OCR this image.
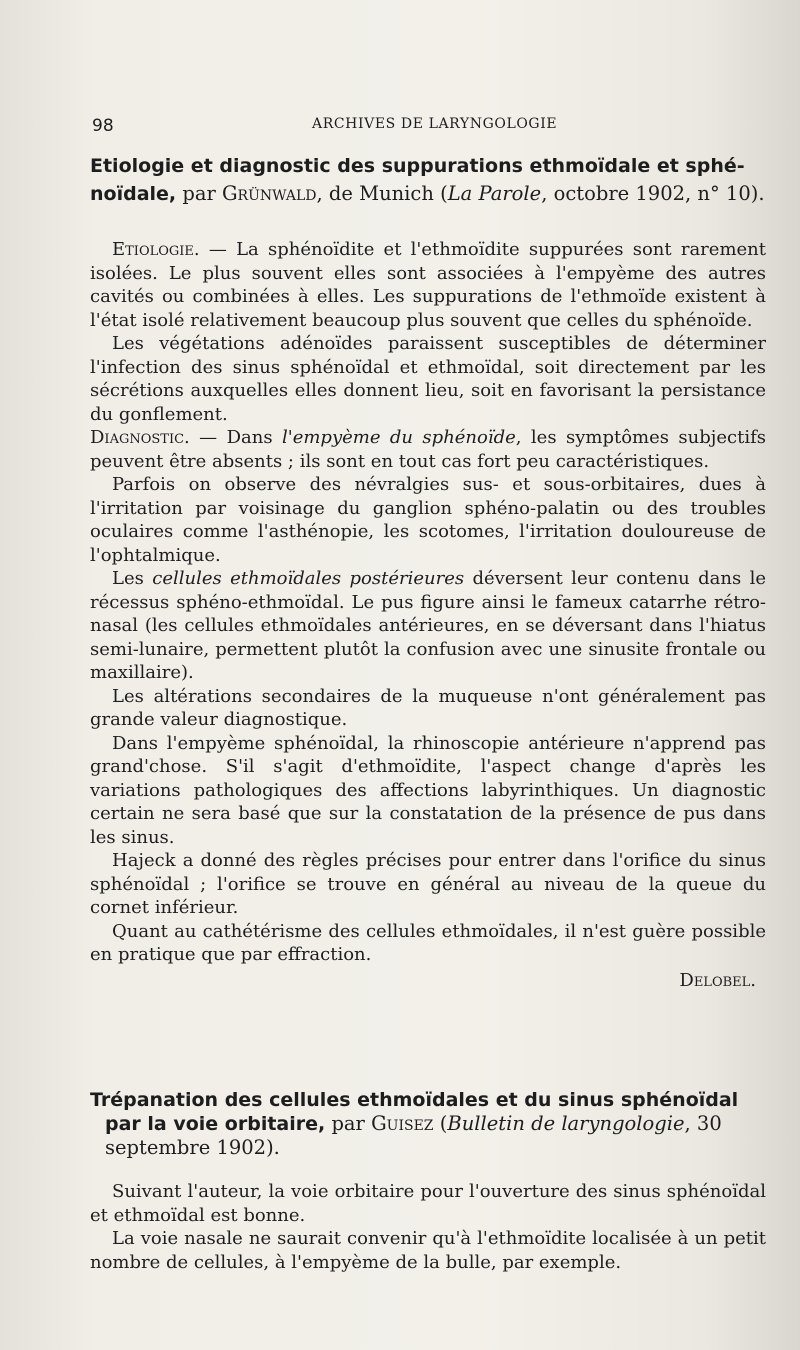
98	ARCHIVES DE LARYNGOLOGIE
Etiologie et diagnostic des suppurations ethmoïdale et sphé- noïdale, par Grünwald, de Munich (La Parole, octobre 1902, n° 10).

Etiologie. — La sphénoïdite et l'ethmoïdite suppurées sont rarement isolées. Le plus souvent elles sont associées à l'empyème des autres cavités ou combinées à elles. Les suppurations de l'ethmoïde existent à l'état isolé relativement beaucoup plus souvent que celles du sphénoïde.

Les végétations adénoïdes paraissent susceptibles de déterminer l'infection des sinus sphénoïdal et ethmoïdal, soit directement par les sécrétions auxquelles elles donnent lieu, soit en favorisant la persistance du gonflement.

Diagnostic. — Dans l'empyème du sphénoïde, les symptômes subjectifs peuvent être absents ; ils sont en tout cas fort peu caractéristiques.

Parfois on observe des névralgies sus- et sous-orbitaires, dues à l'irritation par voisinage du ganglion sphéno-palatin ou des troubles oculaires comme l'asthénopie, les scotomes, l'irritation douloureuse de l'ophtalmique.

Les cellules ethmoïdales postérieures déversent leur contenu dans le récessus sphéno-ethmoïdal. Le pus figure ainsi le fameux catarrhe rétro-nasal (les cellules ethmoïdales antérieures, en se déversant dans l'hiatus semi-lunaire, permettent plutôt la confusion avec une sinusite frontale ou maxillaire).

Les altérations secondaires de la muqueuse n'ont généralement pas grande valeur diagnostique.

Dans l'empyème sphénoïdal, la rhinoscopie antérieure n'apprend pas grand'chose. S'il s'agit d'ethmoïdite, l'aspect change d'après les variations pathologiques des affections labyrinthiques. Un diagnostic certain ne sera basé que sur la constatation de la présence de pus dans les sinus.

Hajeck a donné des règles précises pour entrer dans l'orifice du sinus sphénoïdal ; l'orifice se trouve en général au niveau de la queue du cornet inférieur.

Quant au cathétérisme des cellules ethmoïdales, il n'est guère possible en pratique que par effraction.

Delobel.
Trépanation des cellules ethmoïdales et du sinus sphénoïdal
par la voie orbitaire, par Guisez (Bulletin de laryngologie, 30 septembre 1902).

Suivant l'auteur, la voie orbitaire pour l'ouverture des sinus sphénoïdal et ethmoïdal est bonne.

La voie nasale ne saurait convenir qu'à l'ethmoïdite localisée à un petit nombre de cellules, à l'empyème de la bulle, par exemple.
